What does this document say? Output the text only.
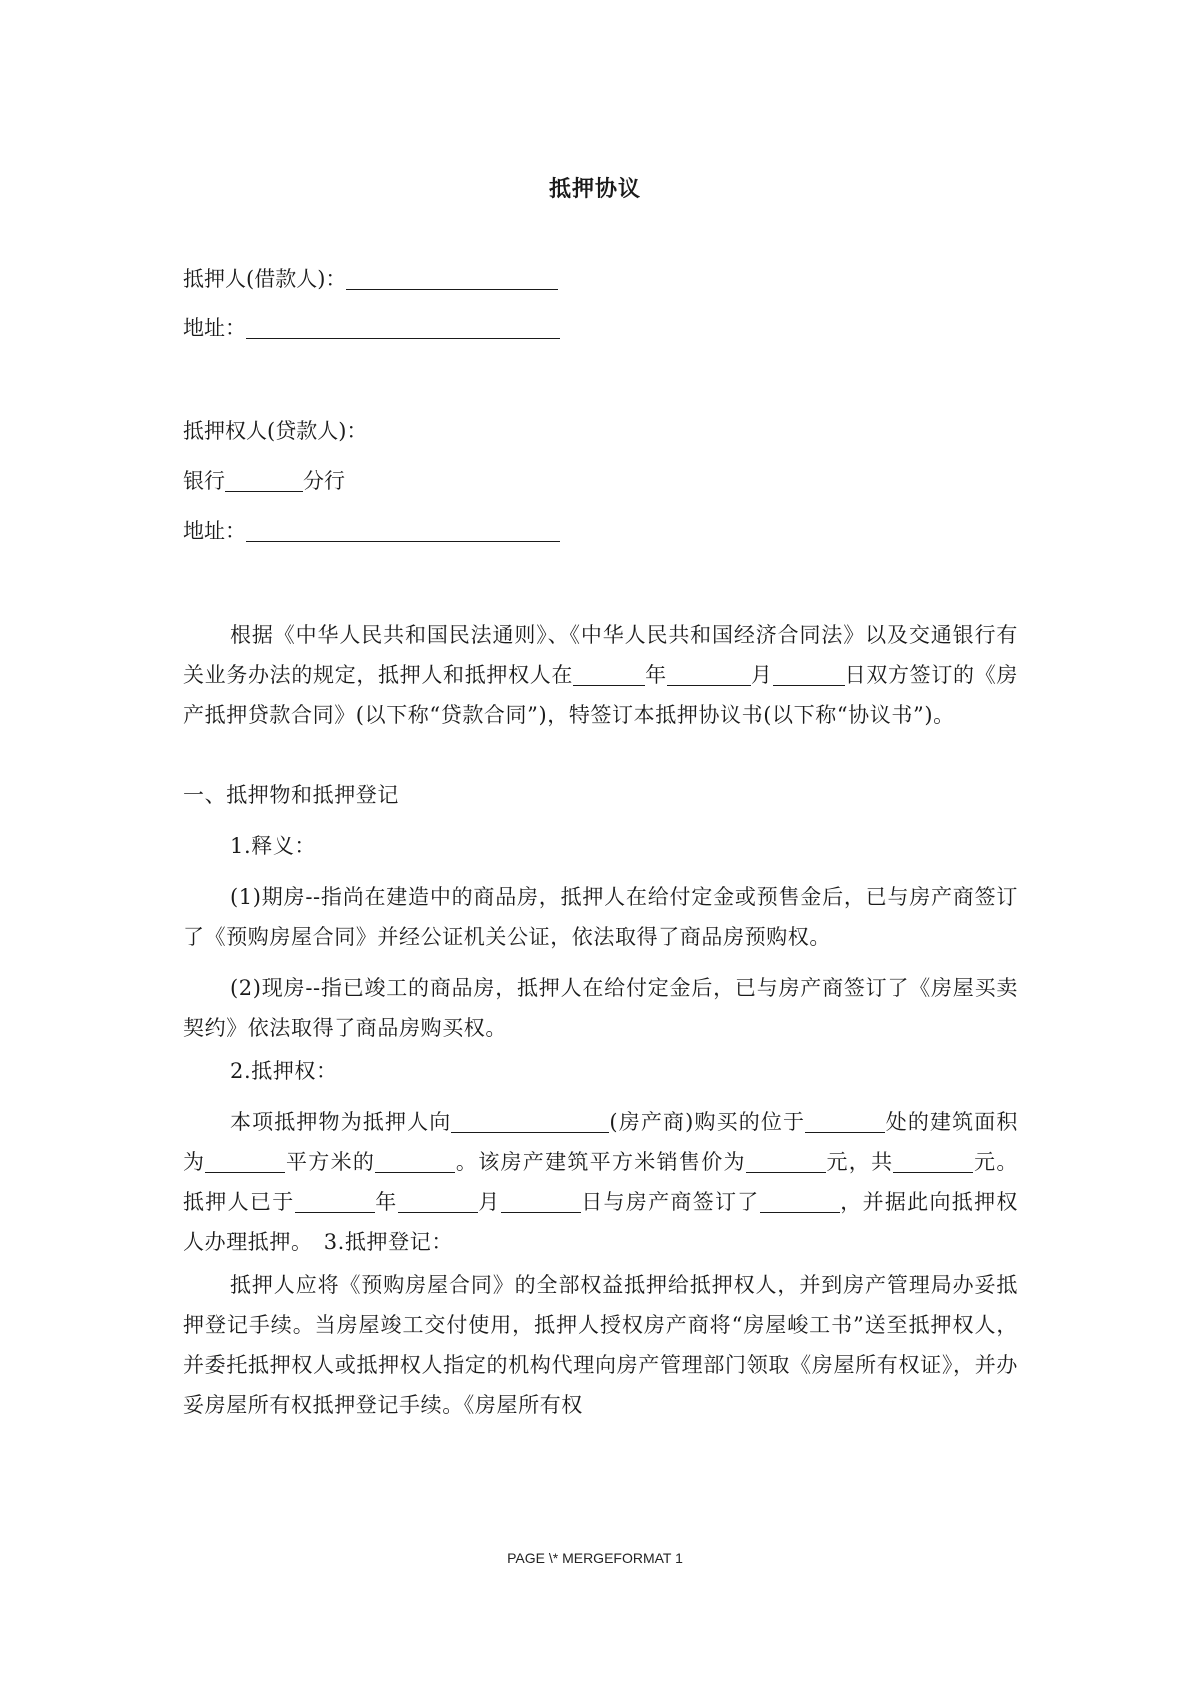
抵押协议
抵押人(借款人)：
地址：
抵押权人(贷款人)：
银行	分行
地址：
根据《中华人民共和国民法通则》、《中华人民共和国经济合同法》以及交通银行有关业务办法的规定，抵押人和抵押权人在	年	月	日双方签订的《房产抵押贷款合同》(以下称“贷款合同”)，特签订本抵押协议书(以下称“协议书”)。
一、抵押物和抵押登记
1.释义：
(1)期房--指尚在建造中的商品房，抵押人在给付定金或预售金后，已与房产商签订了《预购房屋合同》并经公证机关公证，依法取得了商品房预购权。
(2)现房--指已竣工的商品房，抵押人在给付定金后，已与房产商签订了《房屋买卖契约》依法取得了商品房购买权。
2.抵押权：
本项抵押物为抵押人向	(房产商)购买的位于	处的建筑面积为	平方米的	。该房产建筑平方米销售价为	元，共	元。抵押人已于	年	月	日与房产商签订了	，并据此向抵押权人办理抵押。　 3.抵押登记：
抵押人应将《预购房屋合同》的全部权益抵押给抵押权人，并到房产管理局办妥抵押登记手续。当房屋竣工交付使用，抵押人授权房产商将“房屋峻工书”送至抵押权人，并委托抵押权人或抵押权人指定的机构代理向房产管理部门领取《房屋所有权证》，并办妥房屋所有权抵押登记手续。《房屋所有权
PAGE \* MERGEFORMAT 1
